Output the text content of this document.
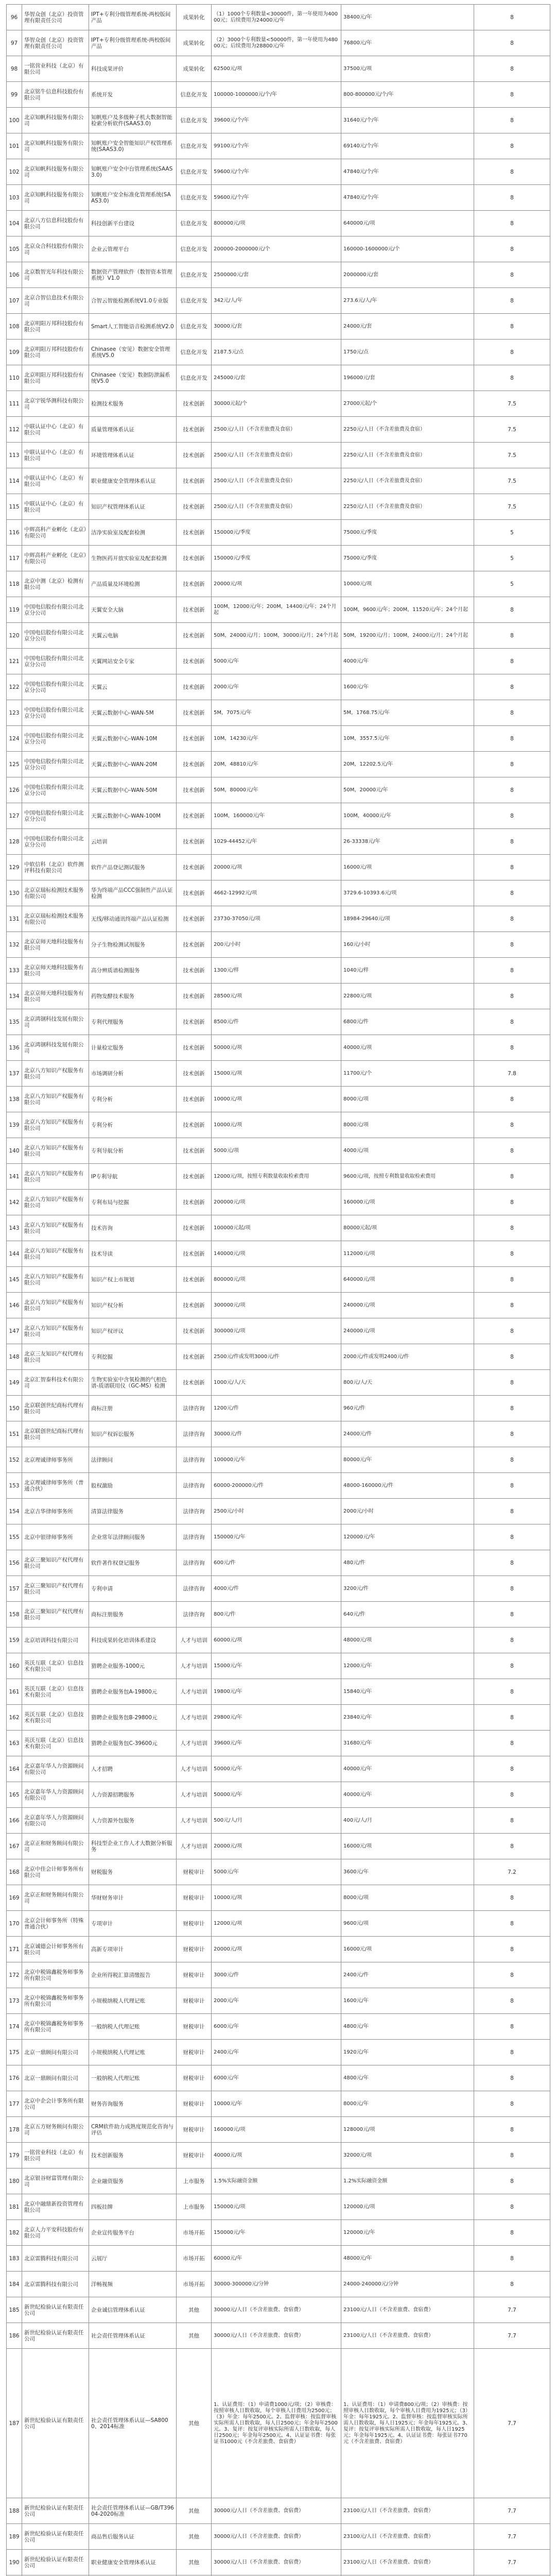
96	华智众创（北京）投资管理有限责任公司	IPT+专利分级管理系统-两校版间产品	成果转化	（1）1000个专利数量<30000件，第一年使用为40000元；后续费用为24000元/年	38400元/年	8
97	华智众创（北京）投资管理有限责任公司	IPT+专利分级管理系统-两校版间产品	成果转化	（2）3000个专利数量<50000件，第一年使用为48000元；后续费用为28800元/年	76800元/年	8
98	一铭营业科技（北京）有限公司	科技成果评价	成果转化	62500元/项	37500元/项	8
99	北京铭牛信息科技股份有限公司	系统开发	信息化开发	100000-1000000元/个/年	800-800000元/个/年	8
100	北京知帆科技服务有限公司	知帆账户及多级种子机大数据智能检索分析软件(SAAS3.0)	信息化开发	39600元/个/年	31640元/个/年	8
101	北京知帆科技服务有限公司	知帆账户安全智能知识产权管理系统(SAAS3.0)	信息化开发	99100元/个/年	69140元/个/年	8
102	北京知帆科技服务有限公司	知帆账户安全中台管理系统(SAAS3.0)	信息化开发	59600元/个/年	47840元/个/年	8
103	北京知帆科技服务有限公司	知帆账户安全标准化管理系统(SAAS3.0)	信息化开发	59600元/个/年	47840元/个/年	8
104	北京八方信息科技股份有限公司	科技创新平台建设	信息化开发	800000元/项	640000元/项	8
105	北京众合科技股份有限公司	企业云管理平台	信息化开发	200000-2000000元/个	160000-1600000元/个	8
106	北京数智光年科技有限公司	数据资产管理软件（数智资本管理系统）V1.0	信息化开发	2500000元/套	2000000元/套	8
107	北京合智信息技术有限公司	合智云智能检测系统V1.0专业版	信息化开发	342元/人/年	273.6元/人/年	8
108	北京明阳万邦科技股份有限公司	Smart人工智能语音检测系统V2.0	信息化开发	30000元/套	24000元/套	8
109	北京明阳万邦科技股份有限公司	Chinasee（安见）数据安全管理系统V5.0	信息化开发	2187.5元/点	1750元/点	8
110	北京明阳万邦科技股份有限公司	Chinasee（安见）数据防泄漏系统V5.0	信息化开发	245000元/套	196000元/套	8
111	北京宇锐华测科技有限公司	检测技术服务	技术创新	30000元起/个	27000元起/个	7.5
112	中联认证中心（北京）有限公司	质量管理体系认证	技术创新	2500元/人日（不含差旅费及食宿）	2250元/人日（不含差旅费及食宿）	7.5
113	中联认证中心（北京）有限公司	环境管理体系认证	技术创新	2500元/人日（不含差旅费及食宿）	2250元/人日（不含差旅费及食宿）	7.5
114	中联认证中心（北京）有限公司	职业健康安全管理体系认证	技术创新	2500元/人日（不含差旅费及食宿）	2250元/人日（不含差旅费及食宿）	7.5
115	中联认证中心（北京）有限公司	知识产权管理体系认证	技术创新	2500元/人日（不含差旅费及食宿）	2250元/人日（不含差旅费及食宿）	7.5
116	中辉高科产业孵化（北京）有限公司	洁净实验室及配套检测	技术创新	150000元/季度	75000元/季度	5
117	中辉高科产业孵化（北京）有限公司	生物医药开放实验室及配套检测	技术创新	150000元/季度	75000元/季度	5
118	北京中测（北京）检测有限公司	产品质量及环境检测	技术创新	20000元/项	10000元/项	5
119	中国电信股份有限公司北京分公司	天翼安全大脑	技术创新	100M，12000元/年；200M，14400元/年；24个月起	100M，9600元/年；200M，11520元/年；24个月起	8
120	中国电信股份有限公司北京分公司	天翼云电脑	技术创新	50M，24000元/月；100M，30000元/月；24个月起	50M，19200元/月；100M，24000元/月；24个月起	8
121	中国电信股份有限公司北京分公司	天翼网站安全专家	技术创新	5000元/年	4000元/年	8
122	中国电信股份有限公司北京分公司	天翼云	技术创新	2000元/年	1600元/年	8
123	中国电信股份有限公司北京分公司	天翼云数据中心-WAN-5M	技术创新	5M，7075元/年	5M，1768.75元/年	8
124	中国电信股份有限公司北京分公司	天翼云数据中心-WAN-10M	技术创新	10M，14230元/年	10M，3557.5元/年	8
125	中国电信股份有限公司北京分公司	天翼云数据中心-WAN-20M	技术创新	20M，48810元/年	20M，12202.5元/年	8
126	中国电信股份有限公司北京分公司	天翼云数据中心-WAN-50M	技术创新	50M，80000元/年	50M，20000元/年	8
127	中国电信股份有限公司北京分公司	天翼云数据中心-WAN-100M	技术创新	100M，160000元/年	100M，40000元/年	8
128	中国电信股份有限公司北京分公司	云培训	技术创新	1029-44452元/年	26-33338元/年	8
129	中软信科（北京）软件测评科技有限公司	软件产品登记测试服务	技术创新	20000元/项	16000元/项	8
130	北京京瑞标检测技术服务有限公司	华为终端产品CCC强制性产品认证检测	技术创新	4662-12992元/项	3729.6-10393.6元/项	8
131	北京京瑞标检测技术服务有限公司	无线/移动通讯终端产品认证检测	技术创新	23730-37050元/项	18984-29640元/项	8
132	北京京师天地科技服务有限公司	分子生物检测试剂服务	技术创新	200元/小时	160元/小时	8
133	北京京师天地科技服务有限公司	高分辨质谱检测服务	技术创新	1300元/样	1040元/样	8
134	北京京师天地科技服务有限公司	药物发酵技术服务	技术创新	28500元/项	22800元/项	8
135	北京鸿钢科技发展有限公司	专利代理服务	技术创新	8500元/件	6800元/件	8
136	北京鸿钢科技发展有限公司	计量检定服务	技术创新	50000元/项	40000元/项	8
137	北京八方知识产权服务有限公司	市场调研分析	技术创新	15000元/项	11700元/个	7.8
138	北京八方知识产权服务有限公司	专利分析	技术创新	10000元/项	8000元/项	8
139	北京八方知识产权服务有限公司	专利分析	技术创新	10000元/项	8000元/项	8
140	北京八方知识产权服务有限公司	专利导航分析	技术创新	5000元/项	4000元/项	8
141	北京八方知识产权服务有限公司	IP专利导航	技术创新	12000元/项，按照专利数量收取检索费用	9600元/项，按照专利数量收取检索费用	8
142	北京八方知识产权服务有限公司	专利布局与挖掘	技术创新	200000元/项	160000元/项	8
143	北京八方知识产权服务有限公司	技术咨询	技术创新	100000元起/项	80000元起/项	8
144	北京八方知识产权服务有限公司	技术导读	技术创新	140000元/项	112000元/项	8
145	北京八方知识产权服务有限公司	知识产权上市规划	技术创新	800000元/项	640000元/项	8
146	北京八方知识产权服务有限公司	知识产权分析	技术创新	300000元/项	240000元/项	8
147	北京八方知识产权服务有限公司	知识产权评议	技术创新	300000元/项	240000元/项	8
148	北京三友知识产权代理有限公司	专利挖掘	技术创新	2500元/件或发明3000元/件	2000元/件或发明2400元/件	8
149	北京汇智泰科技术有限公司	生物实验室中含氧检测的气相色谱-质谱联用仪（GC-MS）检测	技术创新	1000元/人/天	800元/人/天	8
150	北京联创世纪商标代理有限公司	商标注册	法律咨询	1200元/件	960元/件	8
151	北京联创世纪商标代理有限公司	知识产权诉讼服务	法律咨询	30000元/件	24000元/件	8
152	北京理诚律师事务所	法律顾问	法律咨询	100000元/年	80000元/年	8
153	北京理诚律师事务所（普通合伙）	股权激励	法律咨询	60000-200000元/件	48000-160000元/件	8
154	北京吉华律师事务所	清算法律服务	法律咨询	2500元/小时	2000元/小时	8
155	北京中银律师事务所	企业常年法律顾问服务	法律咨询	150000元/年	120000元/年	8
156	北京三聚知识产权代理有限公司	软件著作权登记服务	法律咨询	600元/件	480元/件	8
157	北京三聚知识产权代理有限公司	专利申请	法律咨询	4000元/件	3200元/件	8
158	北京三聚知识产权代理有限公司	商标注册服务	法律咨询	800元/件	640元/件	8
159	北京培训科技有限公司	科技成果转化培训体系建设	人才与培训	60000元/项	48000元/项	8
160	英沃互联（北京）信息技术有限公司	猎聘企业服务-1000元	人才与培训	15000元/年	12000元/年	8
161	英沃互联（北京）信息技术有限公司	猎聘企业服务包A-19800元	人才与培训	19800元/年	15840元/年	8
162	英沃互联（北京）信息技术有限公司	猎聘企业服务包B-29800元	人才与培训	29800元/年	23840元/年	8
163	英沃互联（北京）信息技术有限公司	猎聘企业服务包C-39600元	人才与培训	39600元/年	31680元/年	8
164	北京嘉年华人力资源顾问有限公司	人才招聘	人才与培训	50000元/年	40000元/年	8
165	北京嘉年华人力资源顾问有限公司	人力资源招聘服务	人才与培训	50000元/年	40000元/年	8
166	北京嘉年华人力资源顾问有限公司	人力资源外包服务	人才与培训	500元/人/月	400元/人/月	8
167	北京正和财务顾问有限公司	科技型企业工作人才大数据分析服务	人才与培训	20000元/项	16000元/项	8
168	北京中佳会计师事务所有限公司	财税服务	财税审计	5000元/年	3600元/年	7.2
169	北京正和财务顾问有限公司	华财财务审计	财税审计	10000元/项	8000元/项	8
170	北京会计师事务所（特殊普通合伙）	专项审计	财税审计	12000元/项	9600元/项	8
171	北京诚德会计师事务所有限公司	高新专项审计	财税审计	20000元/项	16000元/项	8
172	北京中税锦鑫税务师事务所有限公司	企业所得税汇算清缴报告	财税审计	3000元/件	2400元/件	8
173	北京中税锦鑫税务师事务所有限公司	小规模纳税人代理记账	财税审计	2000元/年	1600元/年	8
174	北京中税锦鑫税务师事务所有限公司	一般纳税人代理记账	财税审计	6000元/年	4800元/年	8
175	北京一鼎顾问有限公司	小规模纳税人代理记账	财税审计	2400元/年	1920元/年	8
176	北京一鼎顾问有限公司	一般纳税人代理记账	财税审计	6000元/年	4800元/年	8
177	北京中企会计事务所有限公司	财务咨询服务	财税审计	10000元/年	8000元/年	8
178	北京五方财务顾问有限公司	CRM软件助力成熟度规范化咨询与评估	财税审计	160000元/项	128000元/项	8
179	一铭营业科技（北京）有限公司	技术创新服务	财税审计	40000元/项	32000元/项	8
180	北京银谷财富管理有限公司	企业融资服务	上市服务	1.5%实际融资金额	1.2%实际融资金额	8
181	北京中融鼎新投资管理有限公司	四板挂牌	上市服务	150000元/项	120000元/项	8
182	北京人力平安科技股份有限公司	企业宣传服务平台	市场开拓	150000元/年	120000元/年	8
183	北京雷腾科技有限公司	云展厅	市场开拓	60000元/年	48000元/年	8
184	北京雷腾科技有限公司	洋畅视频	市场开拓	30000-300000元/分钟	24000-240000元/分钟	8
185	新世纪检验认证有限责任公司	企业诚信管理体系认证	其他	30000元/人日（不含差旅费、食宿费）	23100元/人日（不含差旅费、食宿费）	7.7
186	新世纪检验认证有限责任公司	社会责任管理体系认证	其他	30000元/人日（不含差旅费、食宿费）	23100元/人日（不含差旅费、食宿费）	7.7
187	新世纪检验认证有限责任公司	社会责任管理体系认证—SA8000、2014标准	其他	1、认证费用：（1）申请费1000元/项；（2）审核费：按照审核人日数收取，每个审核人日费用为2500元；（3）年金：每年2500元。2、监督审核：按监督审核实际所需人日数收取，每人日2500元；年金每年2500元。3、复评：按复评审核实际所需人日数收取，每人日2500元；年金每年2500元。4、认证证书费：每张证书1000元（不含差旅费、食宿费）	1、认证费用：（1）申请费800元/项；（2）审核费：按照审核人日数收取，每个审核人日费用为1925元；（3）年金：每年1925元。2、监督审核：按监督审核实际所需人日数收取，每人日1925元；年金每年1925元。3、复评：按复评审核实际所需人日数收取，每人日1925元；年金每年1925元。4、认证证书费：每张证书770元（不含差旅费、食宿费）	7.7
188	新世纪检验认证有限责任公司	社会责任管理体系认证—GB/T39604-2020标准	其他	30000元/人日（不含差旅费、食宿费）	23100元/人日（不含差旅费、食宿费）	7.7
189	新世纪检验认证有限责任公司	商品售后服务认证	其他	30000元/人日（不含差旅费、食宿费）	23100元/人日（不含差旅费、食宿费）	7.7
190	新世纪检验认证有限责任公司	职业健康安全管理体系认证	其他	30000元/人日（不含差旅费、食宿费）	23100元/人日（不含差旅费、食宿费）	7.7
